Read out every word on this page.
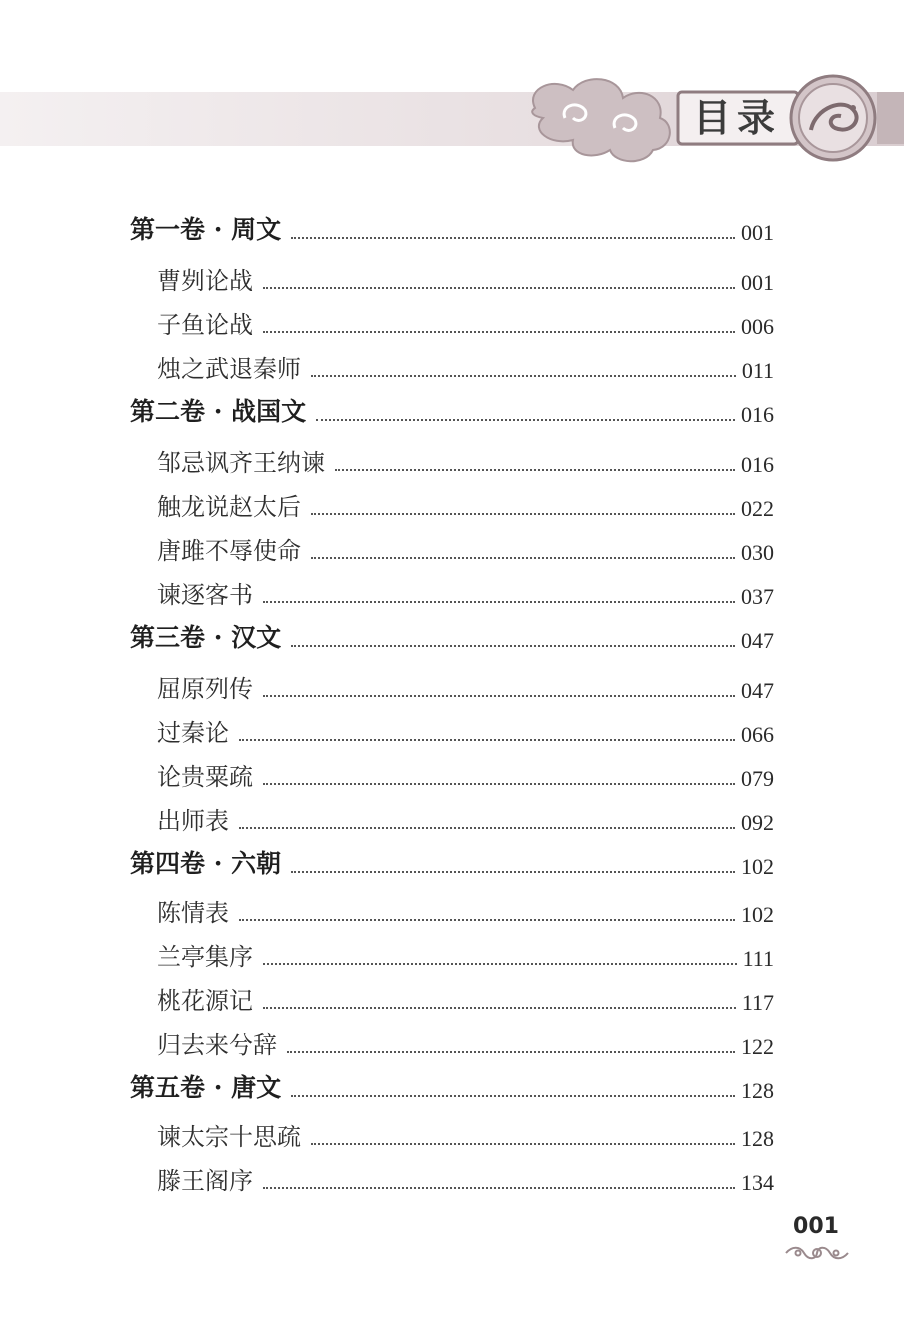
目录
第一卷 · 周文	001
曹刿论战	001
子鱼论战	006
烛之武退秦师	011
第二卷 · 战国文	016
邹忌讽齐王纳谏	016
触龙说赵太后	022
唐雎不辱使命	030
谏逐客书	037
第三卷 · 汉文	047
屈原列传	047
过秦论	066
论贵粟疏	079
出师表	092
第四卷 · 六朝	102
陈情表	102
兰亭集序	111
桃花源记	117
归去来兮辞	122
第五卷 · 唐文	128
谏太宗十思疏	128
滕王阁序	134
001
